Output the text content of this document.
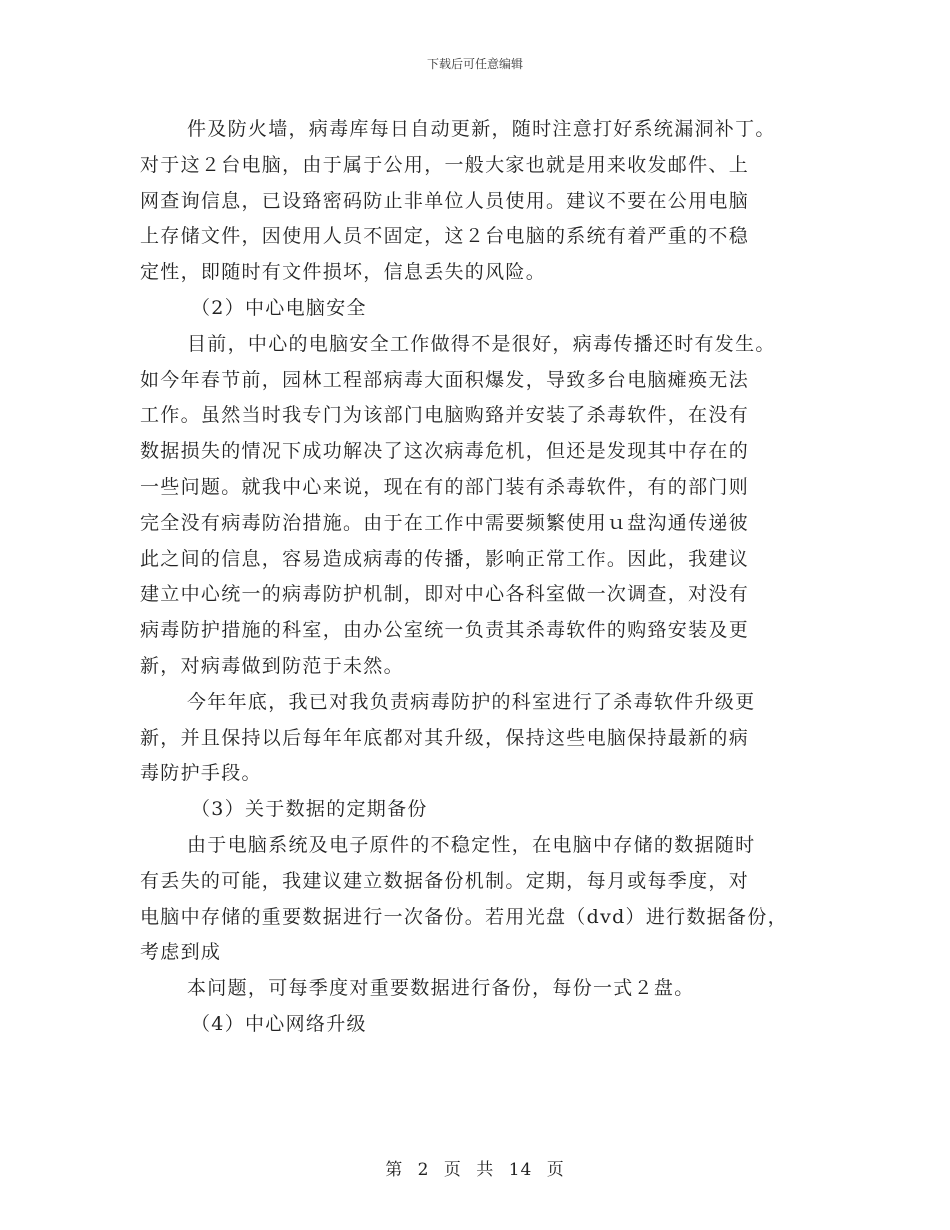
下载后可任意编辑
件及防火墙，病毒库每日自动更新，随时注意打好系统漏洞补丁。
对于这２台电脑，由于属于公用，一般大家也就是用来收发邮件、上
网查询信息，已设臵密码防止非单位人员使用。建议不要在公用电脑
上存储文件，因使用人员不固定，这２台电脑的系统有着严重的不稳
定性，即随时有文件损坏，信息丢失的风险。
（2）中心电脑安全
目前，中心的电脑安全工作做得不是很好，病毒传播还时有发生。
如今年春节前，园林工程部病毒大面积爆发，导致多台电脑瘫痪无法
工作。虽然当时我专门为该部门电脑购臵并安装了杀毒软件，在没有
数据损失的情况下成功解决了这次病毒危机，但还是发现其中存在的
一些问题。就我中心来说，现在有的部门装有杀毒软件，有的部门则
完全没有病毒防治措施。由于在工作中需要频繁使用ｕ盘沟通传递彼
此之间的信息，容易造成病毒的传播，影响正常工作。因此，我建议
建立中心统一的病毒防护机制，即对中心各科室做一次调查，对没有
病毒防护措施的科室，由办公室统一负责其杀毒软件的购臵安装及更
新，对病毒做到防范于未然。
今年年底，我已对我负责病毒防护的科室进行了杀毒软件升级更
新，并且保持以后每年年底都对其升级，保持这些电脑保持最新的病
毒防护手段。
（3）关于数据的定期备份
由于电脑系统及电子原件的不稳定性，在电脑中存储的数据随时
有丢失的可能，我建议建立数据备份机制。定期，每月或每季度，对
电脑中存储的重要数据进行一次备份。若用光盘（dvd）进行数据备份，
考虑到成
本问题，可每季度对重要数据进行备份，每份一式２盘。
（4）中心网络升级
第 2 页 共 14 页
